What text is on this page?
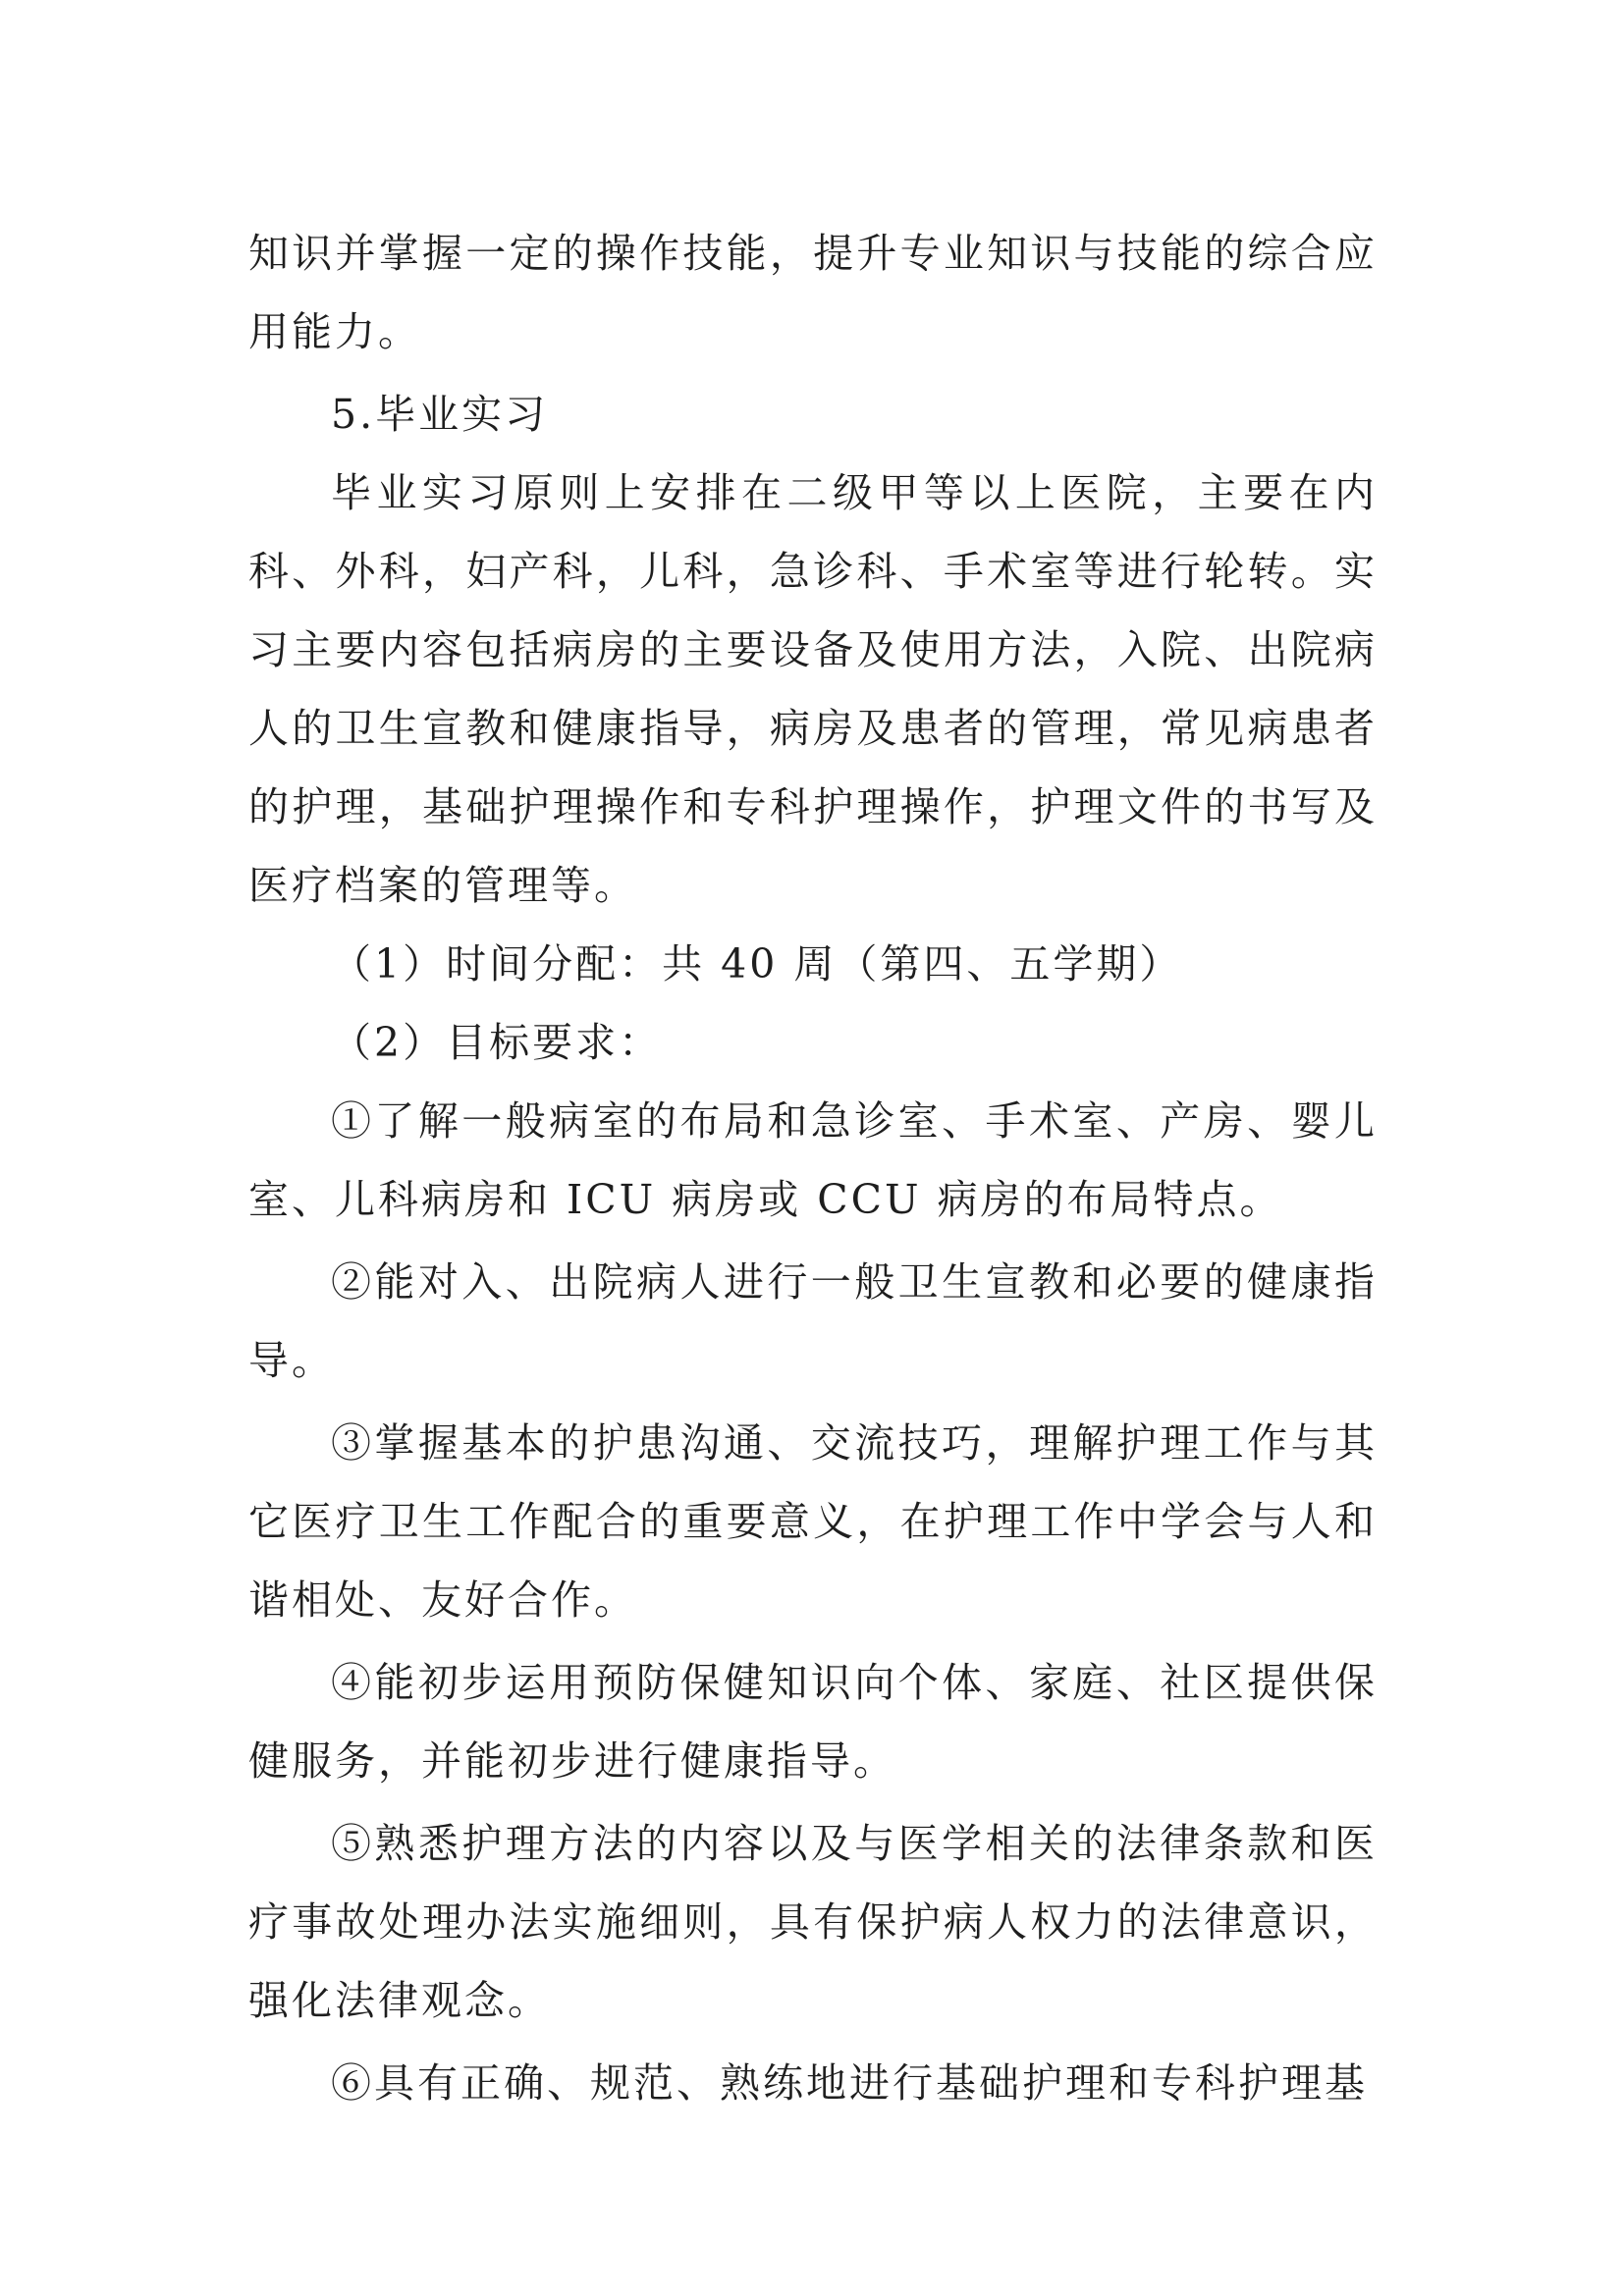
知识并掌握一定的操作技能，提升专业知识与技能的综合应用能力。

5.毕业实习

毕业实习原则上安排在二级甲等以上医院，主要在内科、外科，妇产科，儿科，急诊科、手术室等进行轮转。实习主要内容包括病房的主要设备及使用方法，入院、出院病人的卫生宣教和健康指导，病房及患者的管理，常见病患者的护理，基础护理操作和专科护理操作，护理文件的书写及医疗档案的管理等。

（1）时间分配：共 40 周（第四、五学期）

（2）目标要求：

①了解一般病室的布局和急诊室、手术室、产房、婴儿室、儿科病房和 ICU 病房或 CCU 病房的布局特点。

②能对入、出院病人进行一般卫生宣教和必要的健康指导。

③掌握基本的护患沟通、交流技巧，理解护理工作与其它医疗卫生工作配合的重要意义，在护理工作中学会与人和谐相处、友好合作。

④能初步运用预防保健知识向个体、家庭、社区提供保健服务，并能初步进行健康指导。

⑤熟悉护理方法的内容以及与医学相关的法律条款和医疗事故处理办法实施细则，具有保护病人权力的法律意识，强化法律观念。

⑥具有正确、规范、熟练地进行基础护理和专科护理基
